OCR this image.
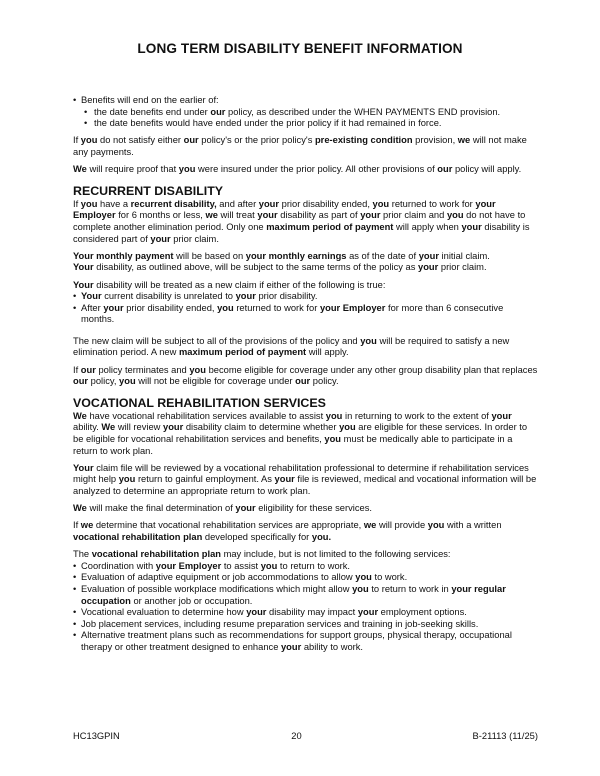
LONG TERM DISABILITY BENEFIT INFORMATION
• Benefits will end on the earlier of:
• the date benefits end under our policy, as described under the WHEN PAYMENTS END provision.
• the date benefits would have ended under the prior policy if it had remained in force.

If you do not satisfy either our policy's or the prior policy's pre-existing condition provision, we will not make any payments.

We will require proof that you were insured under the prior policy. All other provisions of our policy will apply.

RECURRENT DISABILITY

If you have a recurrent disability, and after your prior disability ended, you returned to work for your Employer for 6 months or less, we will treat your disability as part of your prior claim and you do not have to complete another elimination period. Only one maximum period of payment will apply when your disability is considered part of your prior claim.

Your monthly payment will be based on your monthly earnings as of the date of your initial claim.

Your disability, as outlined above, will be subject to the same terms of the policy as your prior claim.

Your disability will be treated as a new claim if either of the following is true:

• Your current disability is unrelated to your prior disability.
• After your prior disability ended, you returned to work for your Employer for more than 6 consecutive months.

The new claim will be subject to all of the provisions of the policy and you will be required to satisfy a new elimination period. A new maximum period of payment will apply.

If our policy terminates and you become eligible for coverage under any other group disability plan that replaces our policy, you will not be eligible for coverage under our policy.

VOCATIONAL REHABILITATION SERVICES

We have vocational rehabilitation services available to assist you in returning to work to the extent of your ability. We will review your disability claim to determine whether you are eligible for these services. In order to be eligible for vocational rehabilitation services and benefits, you must be medically able to participate in a return to work plan.

Your claim file will be reviewed by a vocational rehabilitation professional to determine if rehabilitation services might help you return to gainful employment. As your file is reviewed, medical and vocational information will be analyzed to determine an appropriate return to work plan.

We will make the final determination of your eligibility for these services.

If we determine that vocational rehabilitation services are appropriate, we will provide you with a written vocational rehabilitation plan developed specifically for you.

The vocational rehabilitation plan may include, but is not limited to the following services:

• Coordination with your Employer to assist you to return to work.
• Evaluation of adaptive equipment or job accommodations to allow you to work.
• Evaluation of possible workplace modifications which might allow you to return to work in your regular occupation or another job or occupation.
• Vocational evaluation to determine how your disability may impact your employment options.
• Job placement services, including resume preparation services and training in job-seeking skills.
• Alternative treatment plans such as recommendations for support groups, physical therapy, occupational therapy or other treatment designed to enhance your ability to work.
HC13GPIN	20	B-21113 (11/25)
